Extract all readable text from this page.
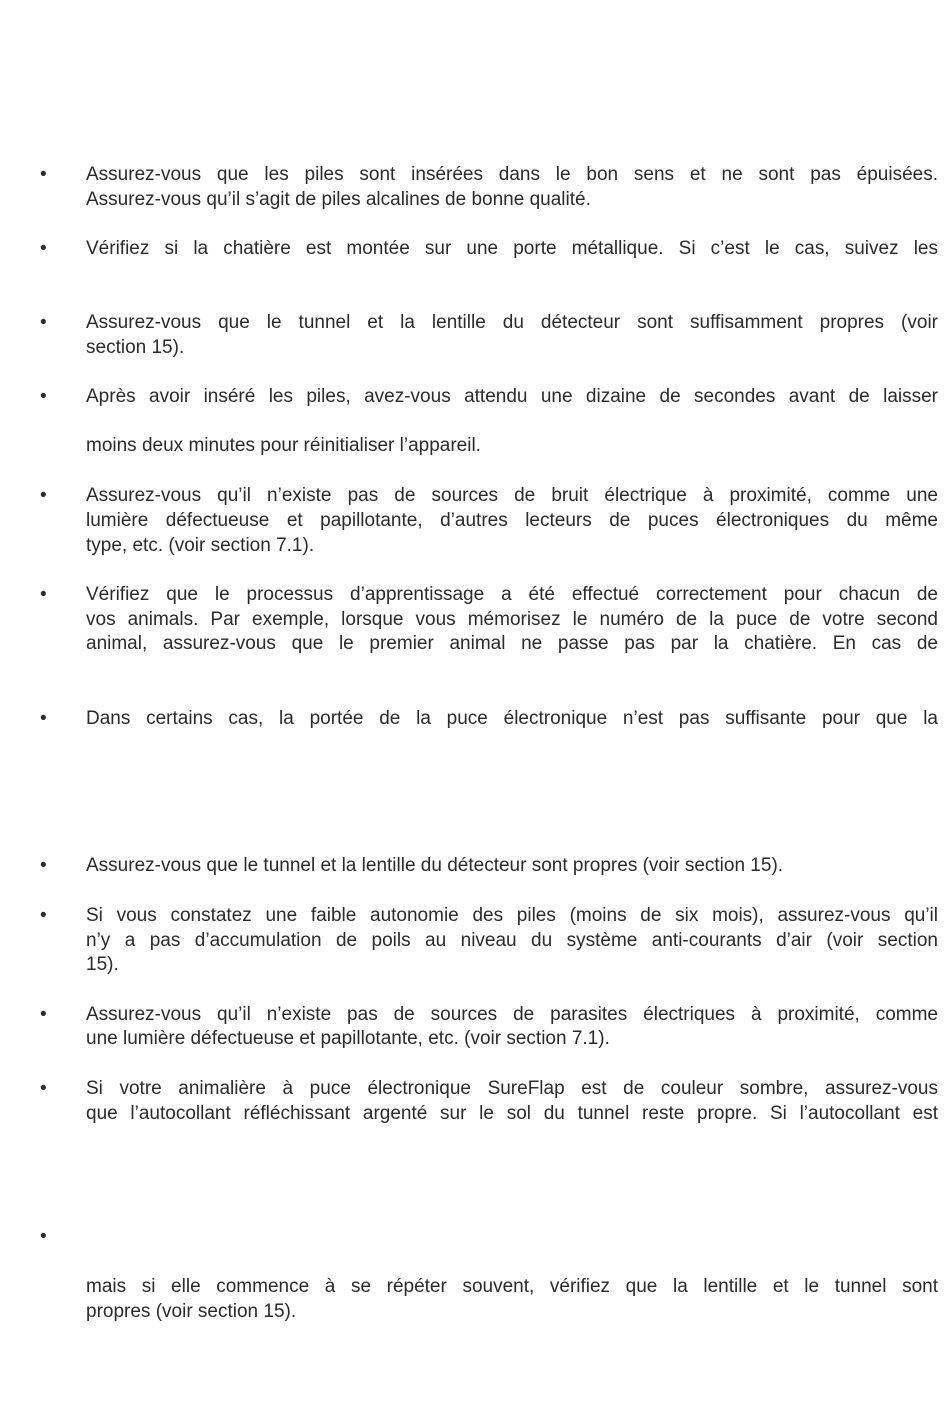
• Assurez-vous que les piles sont insérées dans le bon sens et ne sont pas épuisées.
Assurez-vous qu’il s’agit de piles alcalines de bonne qualité.
• Vérifiez si la chatière est montée sur une porte métallique. Si c’est le cas, suivez les
• Assurez-vous que le tunnel et la lentille du détecteur sont suffisamment propres (voir
section 15).
• Après avoir inséré les piles, avez-vous attendu une dizaine de secondes avant de laisser
moins deux minutes pour réinitialiser l’appareil.
• Assurez-vous qu’il n’existe pas de sources de bruit électrique à proximité, comme une
lumière défectueuse et papillotante, d’autres lecteurs de puces électroniques du même
type, etc. (voir section 7.1).
• Vérifiez que le processus d’apprentissage a été effectué correctement pour chacun de
vos animals. Par exemple, lorsque vous mémorisez le numéro de la puce de votre second
animal, assurez-vous que le premier animal ne passe pas par la chatière. En cas de
• Dans certains cas, la portée de la puce électronique n’est pas suffisante pour que la
• Assurez-vous que le tunnel et la lentille du détecteur sont propres (voir section 15).
• Si vous constatez une faible autonomie des piles (moins de six mois), assurez-vous qu’il
n’y a pas d’accumulation de poils au niveau du système anti-courants d’air (voir section
15).
• Assurez-vous qu’il n’existe pas de sources de parasites électriques à proximité, comme
une lumière défectueuse et papillotante, etc. (voir section 7.1).
• Si votre animalière à puce électronique SureFlap est de couleur sombre, assurez-vous
que l’autocollant réfléchissant argenté sur le sol du tunnel reste propre. Si l’autocollant est
•
mais si elle commence à se répéter souvent, vérifiez que la lentille et le tunnel sont
propres (voir section 15).
